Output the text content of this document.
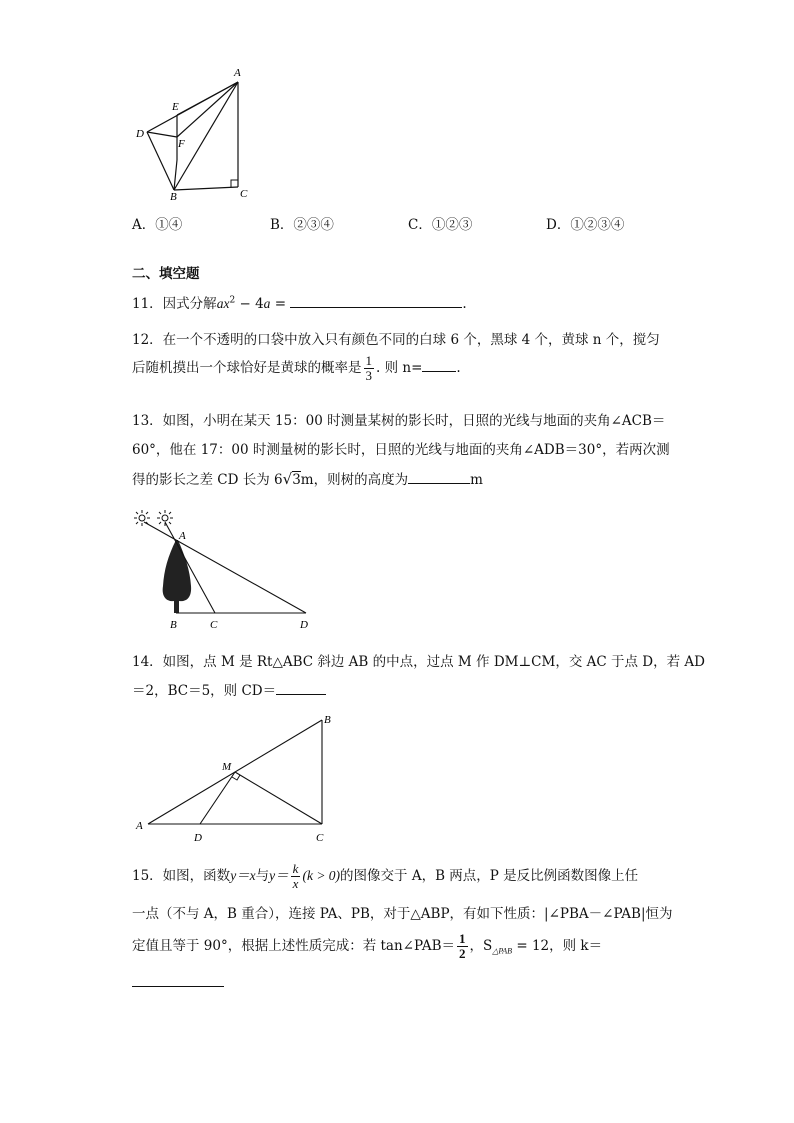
A
B	C
D
E
F
A．①④	B．②③④	C．①②③	D．①②③④
二、填空题
11．因式分解$ax^2 - 4a$ =	.
12．在一个不透明的口袋中放入只有颜色不同的白球 6 个，黑球 4 个，黄球 n 个，搅匀
后随机摸出一个球恰好是黄球的概率是 $\frac{1}{3}$ . 则 n=	.
13．如图，小明在某天 15：00 时测量某树的影长时，日照的光线与地面的夹角∠ACB＝
60°，他在 17：00 时测量树的影长时，日照的光线与地面的夹角∠ADB＝30°，若两次测
得的影长之差 CD 长为 6√3m，则树的高度为	m
A
B	C	D
14．如图，点 M 是 Rt△ABC 斜边 AB 的中点，过点 M 作 DM⊥CM，交 AC 于点 D，若 AD
＝2，BC＝5，则 CD＝
A
B
C
D
M
15．如图，函数y＝x与$y= \frac{k}{x} (k > 0)$的图像交于 A，B 两点，P 是反比例函数图像上任
一点（不与 A，B 重合），连接 PA、PB，对于△ABP，有如下性质：|∠PBA－∠PAB|恒为
定值且等于 90°，根据上述性质完成：若 tan∠PAB＝ $\frac{1}{2}$ ，$S_{\triangle PAB} = 12$，则 k＝
